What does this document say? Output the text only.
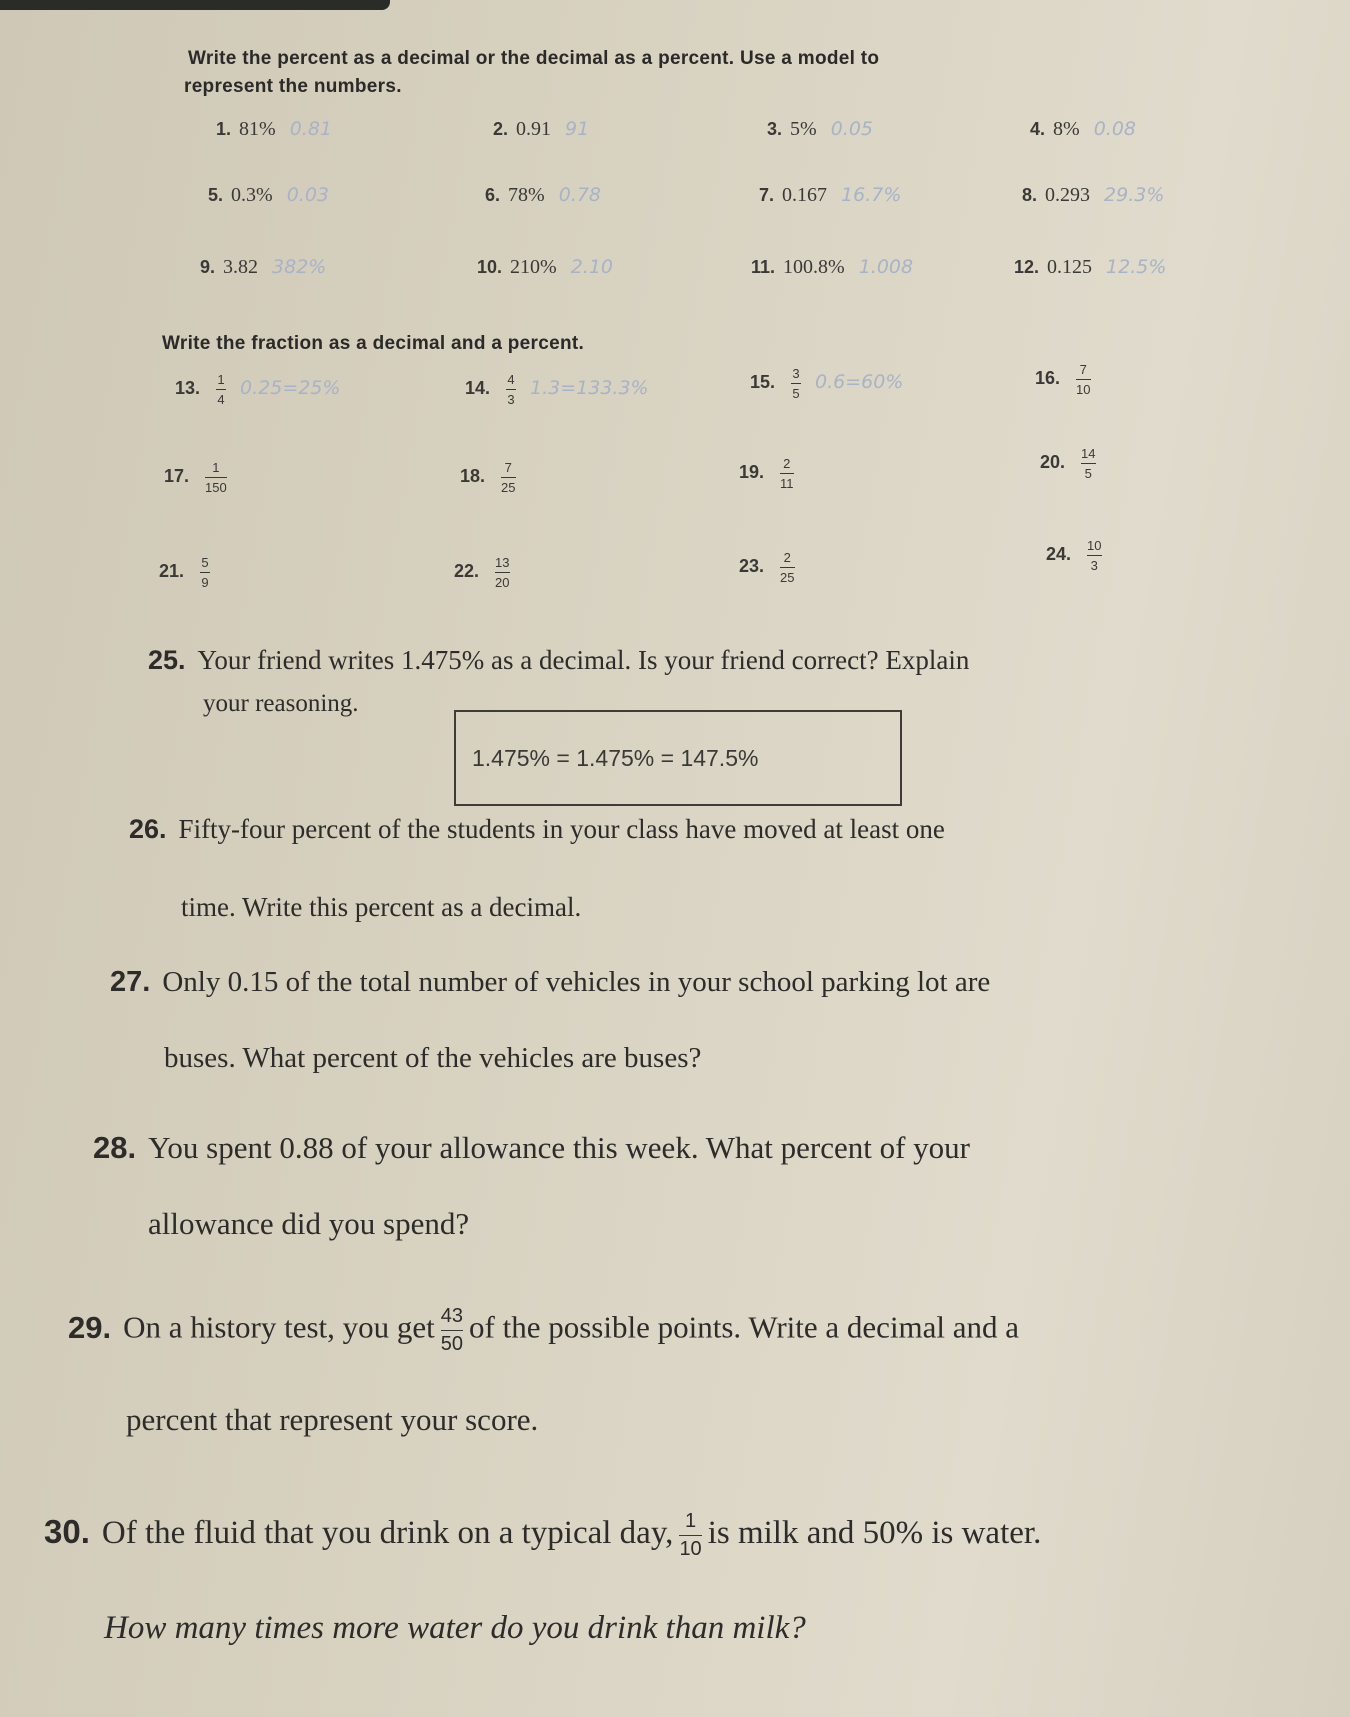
Write the percent as a decimal or the decimal as a percent. Use a model to
represent the numbers.
1. 81% 0.81	2. 0.91 91	3. 5% 0.05	4. 8% 0.08
5. 0.3% 0.03	6. 78% 0.78	7. 0.167 16.7%	8. 0.293 29.3%
9. 3.82 382%	10. 210% 2.10	11. 100.8% 1.008	12. 0.125 12.5%
Write the fraction as a decimal and a percent.
13. $\frac{1}{4} 0.25=25\%$	14. $\frac{4}{3} 1.3=133.3\%$	15. $\frac{3}{5} 0.6=60\%$	16. $\frac{7}{10}$
17. $\frac{1}{150}$	18. $\frac{7}{25}$	19. $\frac{2}{11}$	20. $\frac{14}{5}$
21. $\frac{5}{9}$	22. $\frac{13}{20}$	23. $\frac{2}{25}$	24. $\frac{10}{3}$
25. Your friend writes 1.475% as a decimal. Is your friend correct? Explain
your reasoning.
1.475% = 1.475% = 147.5%
26. Fifty-four percent of the students in your class have moved at least one
time. Write this percent as a decimal.
27. Only 0.15 of the total number of vehicles in your school parking lot are
buses. What percent of the vehicles are buses?
28. You spent 0.88 of your allowance this week. What percent of your
allowance did you spend?
29. On a history test, you get $\frac{43}{50}$ of the possible points. Write a decimal and a
percent that represent your score.
30. Of the fluid that you drink on a typical day, $\frac{1}{10}$ is milk and 50% is water.
How many times more water do you drink than milk?
